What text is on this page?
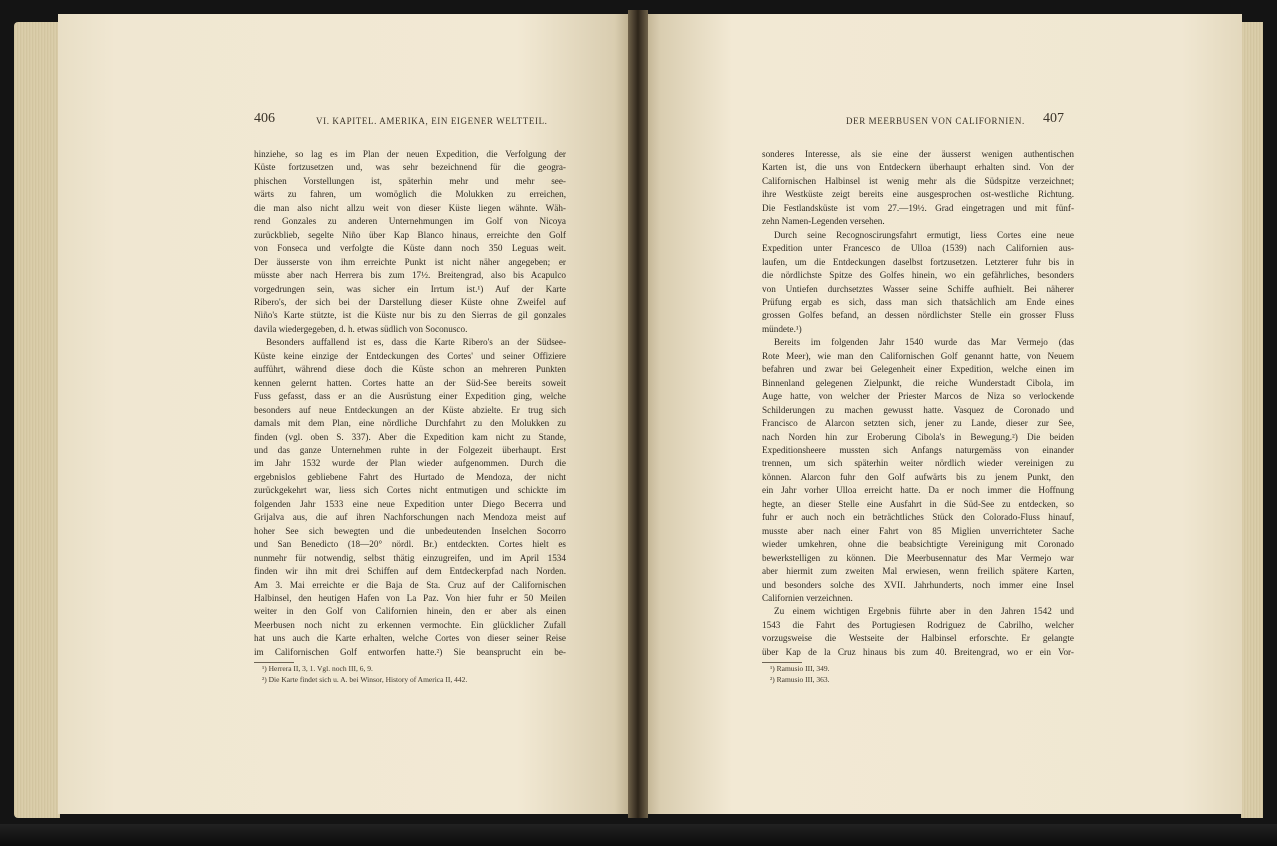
406	VI. KAPITEL. AMERIKA, EIN EIGENER WELTTEIL.	DER MEERBUSEN VON CALIFORNIEN. 407
hinziehe, so lag es im Plan der neuen Expedition, die Verfolgung der
Küste fortzusetzen und, was sehr bezeichnend für die geogra-
phischen Vorstellungen ist, späterhin mehr und mehr see-
wärts zu fahren, um womöglich die Molukken zu erreichen,
die man also nicht allzu weit von dieser Küste liegen wähnte. Wäh-
rend Gonzales zu anderen Unternehmungen im Golf von Nicoya
zurückblieb, segelte Niño über Kap Blanco hinaus, erreichte den Golf
von Fonseca und verfolgte die Küste dann noch 350 Leguas weit.
Der äusserste von ihm erreichte Punkt ist nicht näher angegeben; er
müsste aber nach Herrera bis zum 17½. Breitengrad, also bis Acapulco
vorgedrungen sein, was sicher ein Irrtum ist.¹) Auf der Karte
Ribero's, der sich bei der Darstellung dieser Küste ohne Zweifel auf
Niño's Karte stützte, ist die Küste nur bis zu den Sierras de gil gonzales
davila wiedergegeben, d. h. etwas südlich von Soconusco.
Besonders auffallend ist es, dass die Karte Ribero's an der Südsee-
Küste keine einzige der Entdeckungen des Cortes' und seiner Offiziere
aufführt, während diese doch die Küste schon an mehreren Punkten
kennen gelernt hatten. Cortes hatte an der Süd-See bereits soweit
Fuss gefasst, dass er an die Ausrüstung einer Expedition ging, welche
besonders auf neue Entdeckungen an der Küste abzielte. Er trug sich
damals mit dem Plan, eine nördliche Durchfahrt zu den Molukken zu
finden (vgl. oben S. 337). Aber die Expedition kam nicht zu Stande,
und das ganze Unternehmen ruhte in der Folgezeit überhaupt. Erst
im Jahr 1532 wurde der Plan wieder aufgenommen. Durch die
ergebnislos gebliebene Fahrt des Hurtado de Mendoza, der nicht
zurückgekehrt war, liess sich Cortes nicht entmutigen und schickte im
folgenden Jahr 1533 eine neue Expedition unter Diego Becerra und
Grijalva aus, die auf ihren Nachforschungen nach Mendoza meist auf
hoher See sich bewegten und die unbedeutenden Inselchen Socorro
und San Benedicto (18—20° nördl. Br.) entdeckten. Cortes hielt es
nunmehr für notwendig, selbst thätig einzugreifen, und im April 1534
finden wir ihn mit drei Schiffen auf dem Entdeckerpfad nach Norden.
Am 3. Mai erreichte er die Baja de Sta. Cruz auf der Californischen
Halbinsel, den heutigen Hafen von La Paz. Von hier fuhr er 50 Meilen
weiter in den Golf von Californien hinein, den er aber als einen
Meerbusen noch nicht zu erkennen vermochte. Ein glücklicher Zufall
hat uns auch die Karte erhalten, welche Cortes von dieser seiner Reise
im Californischen Golf entworfen hatte.²) Sie beansprucht ein be-
¹) Herrera II, 3, 1. Vgl. noch III, 6, 9.
²) Die Karte findet sich u. A. bei Winsor, History of America II, 442.
sonderes Interesse, als sie eine der äusserst wenigen authentischen
Karten ist, die uns von Entdeckern überhaupt erhalten sind. Von der
Californischen Halbinsel ist wenig mehr als die Südspitze verzeichnet;
ihre Westküste zeigt bereits eine ausgesprochen ost-westliche Richtung.
Die Festlandsküste ist vom 27.—19½. Grad eingetragen und mit fünf-
zehn Namen-Legenden versehen.
Durch seine Recognoscirungsfahrt ermutigt, liess Cortes eine neue
Expedition unter Francesco de Ulloa (1539) nach Californien aus-
laufen, um die Entdeckungen daselbst fortzusetzen. Letzterer fuhr bis in
die nördlichste Spitze des Golfes hinein, wo ein gefährliches, besonders
von Untiefen durchsetztes Wasser seine Schiffe aufhielt. Bei näherer
Prüfung ergab es sich, dass man sich thatsächlich am Ende eines
grossen Golfes befand, an dessen nördlichster Stelle ein grosser Fluss
mündete.¹)
Bereits im folgenden Jahr 1540 wurde das Mar Vermejo (das
Rote Meer), wie man den Californischen Golf genannt hatte, von Neuem
befahren und zwar bei Gelegenheit einer Expedition, welche einen im
Binnenland gelegenen Zielpunkt, die reiche Wunderstadt Cibola, im
Auge hatte, von welcher der Priester Marcos de Niza so verlockende
Schilderungen zu machen gewusst hatte. Vasquez de Coronado und
Francisco de Alarcon setzten sich, jener zu Lande, dieser zur See,
nach Norden hin zur Eroberung Cibola's in Bewegung.²) Die beiden
Expeditionsheere mussten sich Anfangs naturgemäss von einander
trennen, um sich späterhin weiter nördlich wieder vereinigen zu
können. Alarcon fuhr den Golf aufwärts bis zu jenem Punkt, den
ein Jahr vorher Ulloa erreicht hatte. Da er noch immer die Hoffnung
hegte, an dieser Stelle eine Ausfahrt in die Süd-See zu entdecken, so
fuhr er auch noch ein beträchtliches Stück den Colorado-Fluss hinauf,
musste aber nach einer Fahrt von 85 Miglien unverrichteter Sache
wieder umkehren, ohne die beabsichtigte Vereinigung mit Coronado
bewerkstelligen zu können. Die Meerbusennatur des Mar Vermejo war
aber hiermit zum zweiten Mal erwiesen, wenn freilich spätere Karten,
und besonders solche des XVII. Jahrhunderts, noch immer eine Insel
Californien verzeichnen.
Zu einem wichtigen Ergebnis führte aber in den Jahren 1542 und
1543 die Fahrt des Portugiesen Rodriguez de Cabrilho, welcher
vorzugsweise die Westseite der Halbinsel erforschte. Er gelangte
über Kap de la Cruz hinaus bis zum 40. Breitengrad, wo er ein Vor-
¹) Ramusio III, 349.
²) Ramusio III, 363.
